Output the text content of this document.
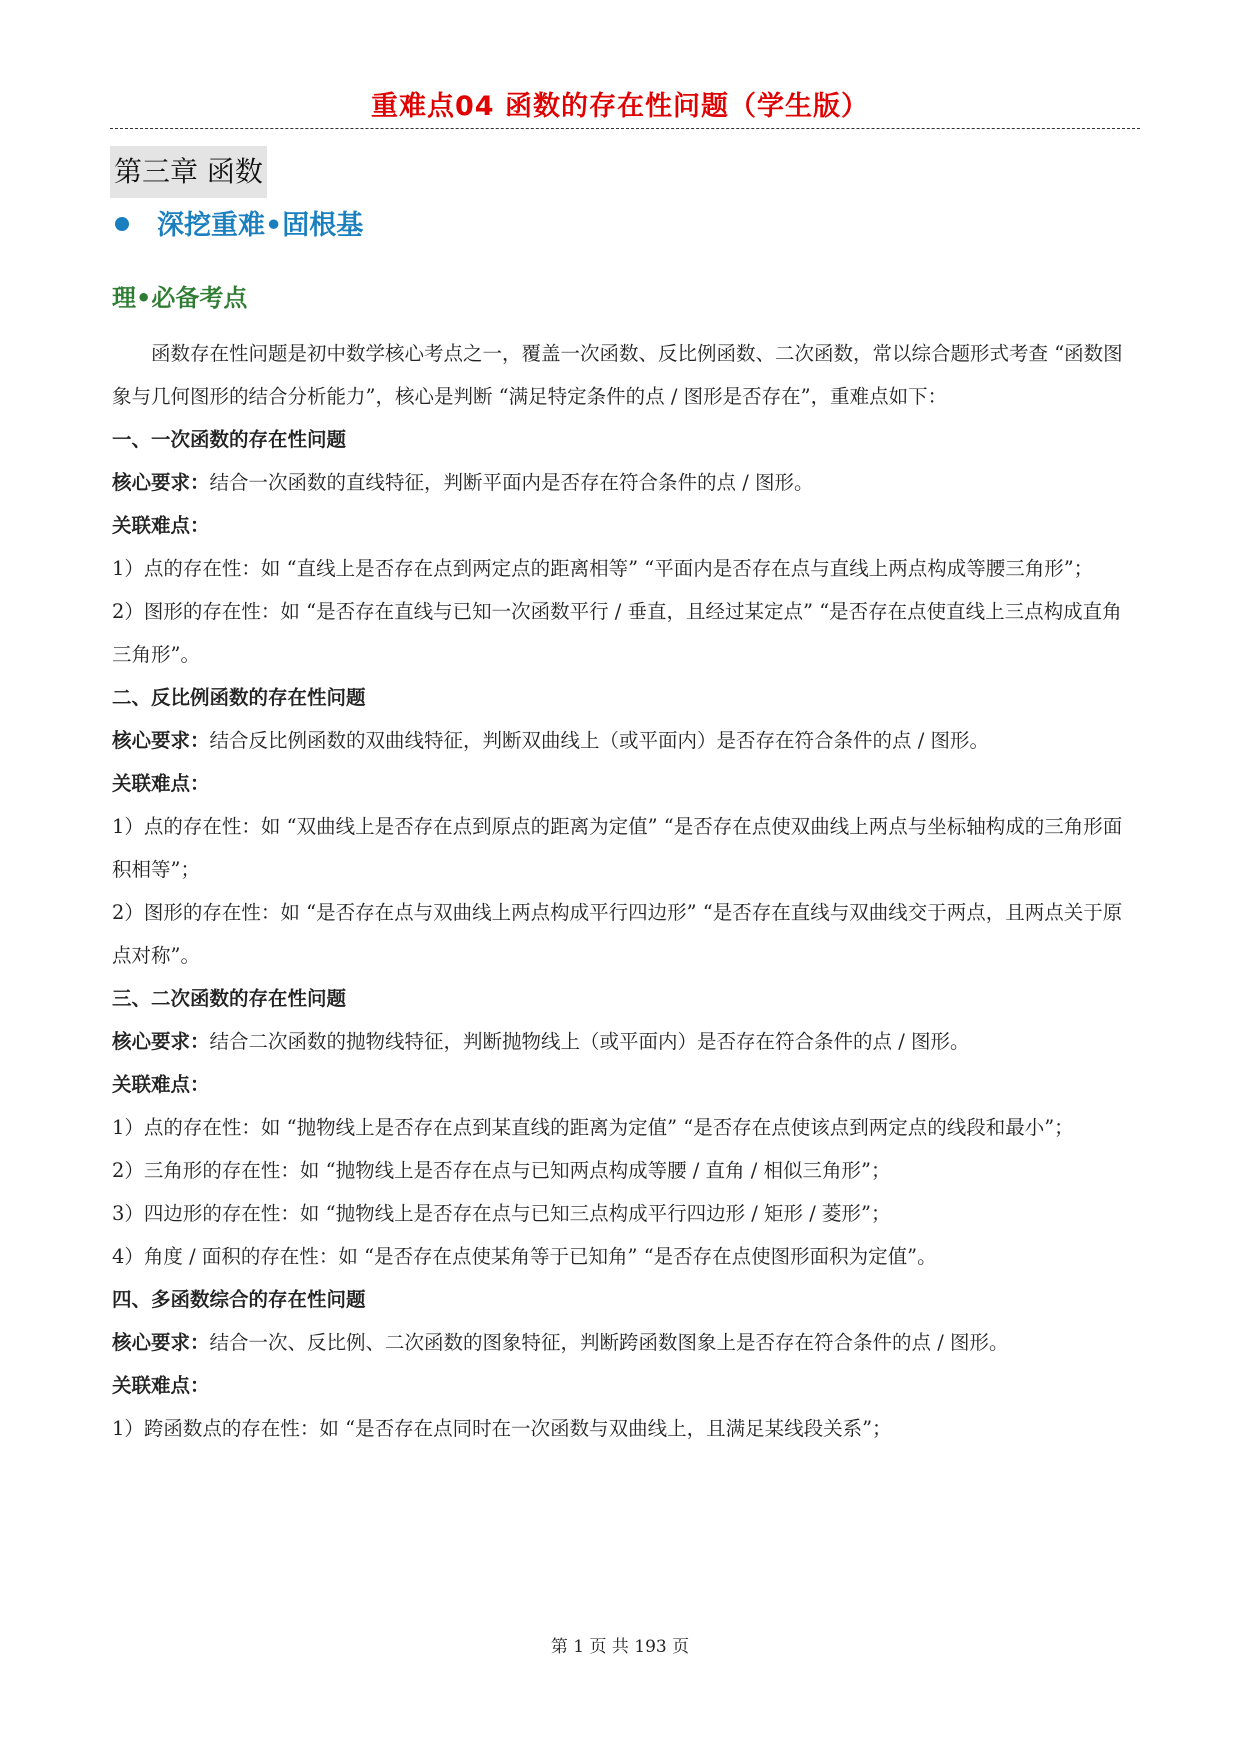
重难点04 函数的存在性问题（学生版）
第三章 函数
深挖重难•固根基
理•必备考点

函数存在性问题是初中数学核心考点之一，覆盖一次函数、反比例函数、二次函数，常以综合题形式考查 “函数图象与几何图形的结合分析能力”，核心是判断 “满足特定条件的点 / 图形是否存在”，重难点如下：

一、一次函数的存在性问题

核心要求：结合一次函数的直线特征，判断平面内是否存在符合条件的点 / 图形。

关联难点：

1）点的存在性：如 “直线上是否存在点到两定点的距离相等” “平面内是否存在点与直线上两点构成等腰三角形”；

2）图形的存在性：如 “是否存在直线与已知一次函数平行 / 垂直，且经过某定点” “是否存在点使直线上三点构成直角三角形”。

二、反比例函数的存在性问题

核心要求：结合反比例函数的双曲线特征，判断双曲线上（或平面内）是否存在符合条件的点 / 图形。

关联难点：

1）点的存在性：如 “双曲线上是否存在点到原点的距离为定值” “是否存在点使双曲线上两点与坐标轴构成的三角形面积相等”；

2）图形的存在性：如 “是否存在点与双曲线上两点构成平行四边形” “是否存在直线与双曲线交于两点，且两点关于原点对称”。

三、二次函数的存在性问题

核心要求：结合二次函数的抛物线特征，判断抛物线上（或平面内）是否存在符合条件的点 / 图形。

关联难点：

1）点的存在性：如 “抛物线上是否存在点到某直线的距离为定值” “是否存在点使该点到两定点的线段和最小”；

2）三角形的存在性：如 “抛物线上是否存在点与已知两点构成等腰 / 直角 / 相似三角形”；

3）四边形的存在性：如 “抛物线上是否存在点与已知三点构成平行四边形 / 矩形 / 菱形”；

4）角度 / 面积的存在性：如 “是否存在点使某角等于已知角” “是否存在点使图形面积为定值”。

四、多函数综合的存在性问题

核心要求：结合一次、反比例、二次函数的图象特征，判断跨函数图象上是否存在符合条件的点 / 图形。

关联难点：

1）跨函数点的存在性：如 “是否存在点同时在一次函数与双曲线上，且满足某线段关系”；

第 1 页 共 193 页
